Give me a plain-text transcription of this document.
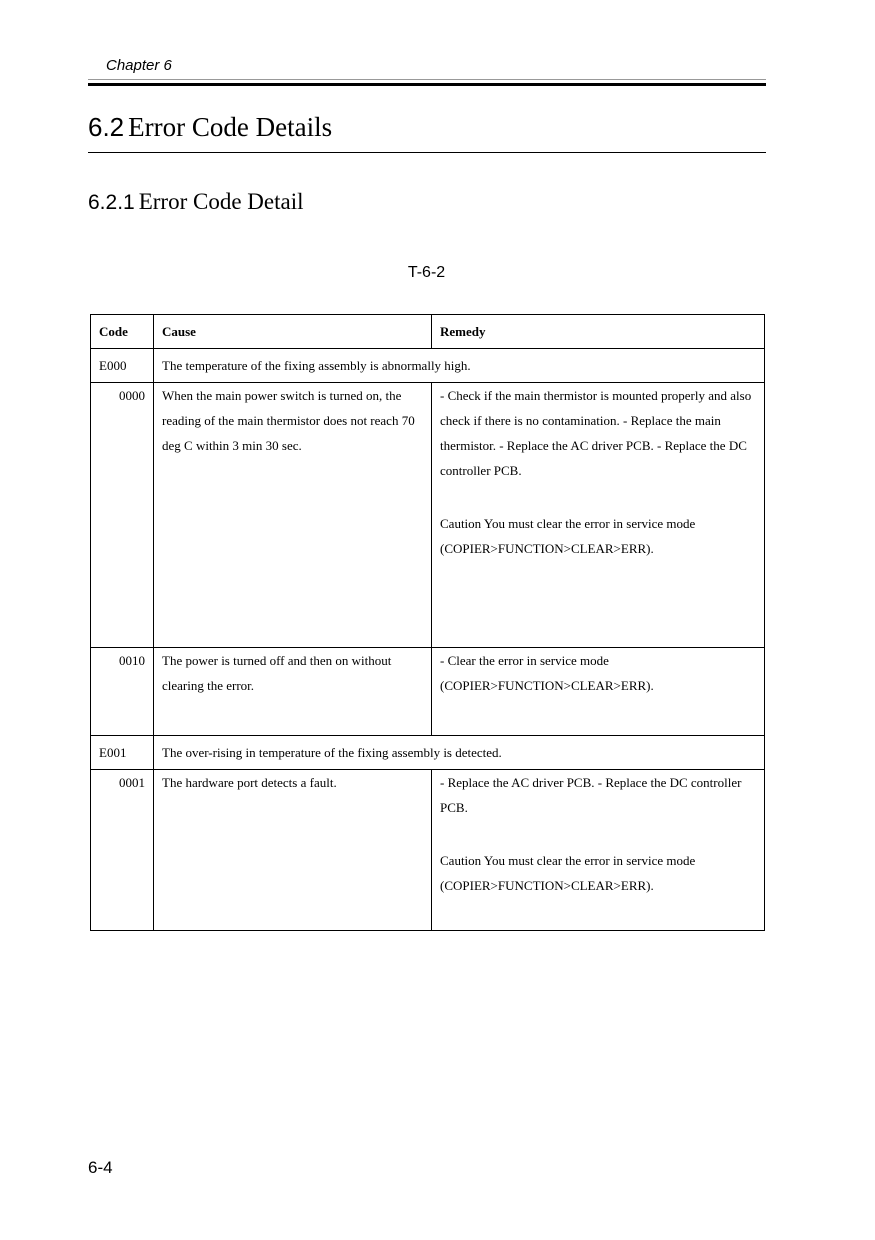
Chapter 6
6.2 Error Code Details
6.2.1 Error Code Detail
T-6-2
Code	Cause	Remedy
E000	The temperature of the fixing assembly is abnormally high.	
0000	When the main power switch is turned on, the reading of the main thermistor does not reach 70 deg C within 3 min 30 sec.	- Check if the main thermistor is mounted properly and also check if there is no contamination. - Replace the main thermistor. - Replace the AC driver PCB. - Replace the DC controller PCB.
Caution You must clear the error in service mode (COPIER>FUNCTION>CLEAR>ERR).

0010	The power is turned off and then on without clearing the error.	- Clear the error in service mode
(COPIER>FUNCTION>CLEAR>ERR).
E001	The over-rising in temperature of the fixing assembly is detected.	
0001	The hardware port detects a fault.	- Replace the AC driver PCB. - Replace the DC controller PCB.
Caution You must clear the error in service mode (COPIER>FUNCTION>CLEAR>ERR).
6-4
